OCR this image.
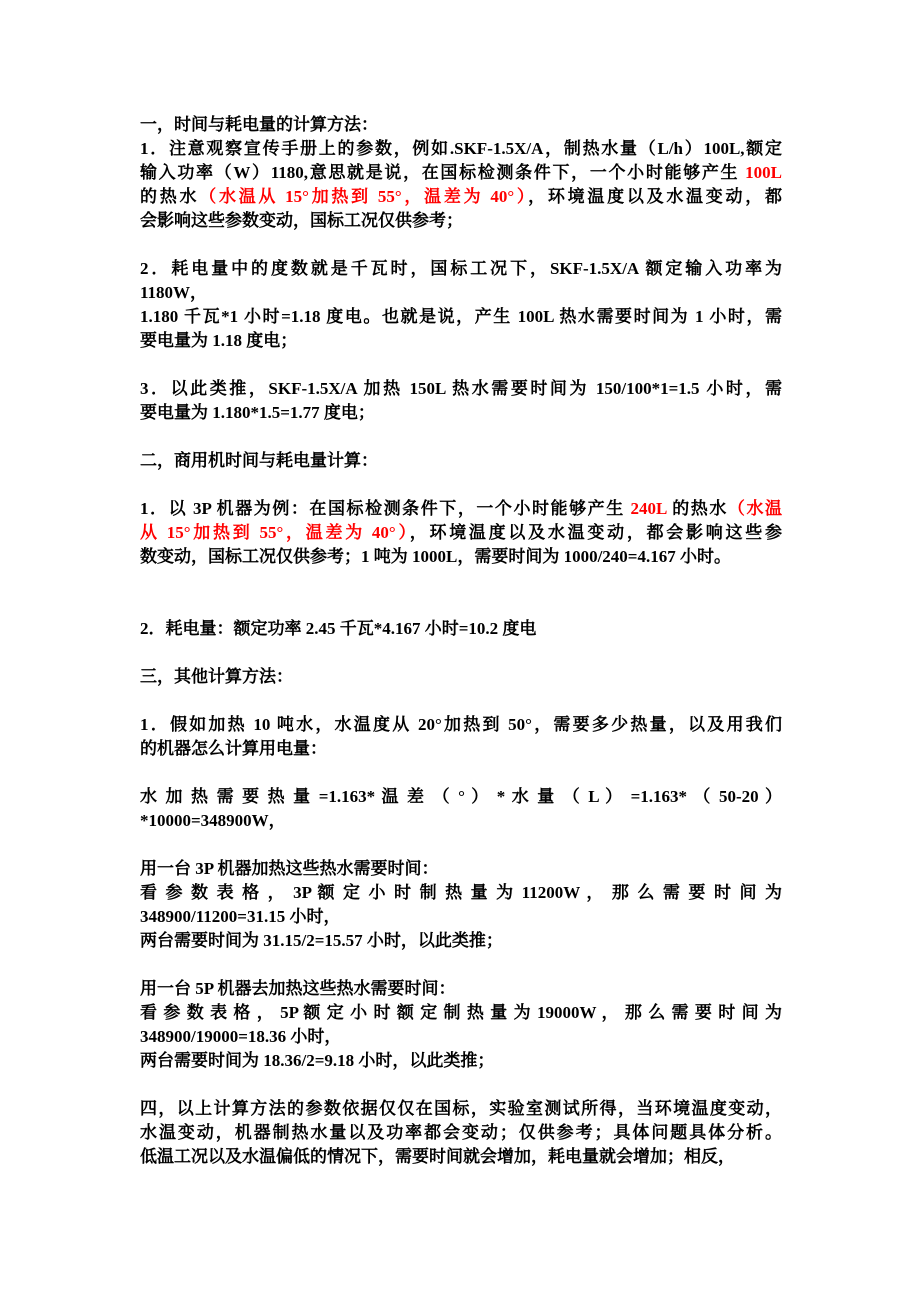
一，时间与耗电量的计算方法：
1．注意观察宣传手册上的参数，例如.SKF-1.5X/A，制热水量（L/h）100L,额定
输入功率（W）1180,意思就是说，在国标检测条件下，一个小时能够产生 100L
的热水（水温从 15°加热到 55°，温差为 40°），环境温度以及水温变动，都
会影响这些参数变动，国标工况仅供参考；
2．耗电量中的度数就是千瓦时，国标工况下，SKF-1.5X/A 额定输入功率为
1180W，
1.180 千瓦*1 小时=1.18 度电。也就是说，产生 100L 热水需要时间为 1 小时，需
要电量为 1.18 度电；
3．以此类推，SKF-1.5X/A 加热 150L 热水需要时间为 150/100*1=1.5 小时，需
要电量为 1.180*1.5=1.77 度电；
二，商用机时间与耗电量计算：
1．以 3P 机器为例：在国标检测条件下，一个小时能够产生 240L 的热水（水温
从 15°加热到 55°，温差为 40°），环境温度以及水温变动，都会影响这些参
数变动，国标工况仅供参考；1 吨为 1000L，需要时间为 1000/240=4.167 小时。
2．耗电量：额定功率 2.45 千瓦*4.167 小时=10.2 度电
三，其他计算方法：
1．假如加热 10 吨水，水温度从 20°加热到 50°，需要多少热量，以及用我们
的机器怎么计算用电量：
水 加 热 需 要 热 量 =1.163* 温 差 （ ° ） * 水 量 （ L ） =1.163* （ 50-20 ）
*10000=348900W，
用一台 3P 机器加热这些热水需要时间：
看 参 数 表 格 ， 3P 额 定 小 时 制 热 量 为 11200W ， 那 么 需 要 时 间 为
348900/11200=31.15 小时，
两台需要时间为 31.15/2=15.57 小时，以此类推；
用一台 5P 机器去加热这些热水需要时间：
看 参 数 表 格 ， 5P 额 定 小 时 额 定 制 热 量 为 19000W ， 那 么 需 要 时 间 为
348900/19000=18.36 小时，
两台需要时间为 18.36/2=9.18 小时，以此类推；
四，以上计算方法的参数依据仅仅在国标，实验室测试所得，当环境温度变动，
水温变动，机器制热水量以及功率都会变动；仅供参考；具体问题具体分析。
低温工况以及水温偏低的情况下，需要时间就会增加，耗电量就会增加；相反，
